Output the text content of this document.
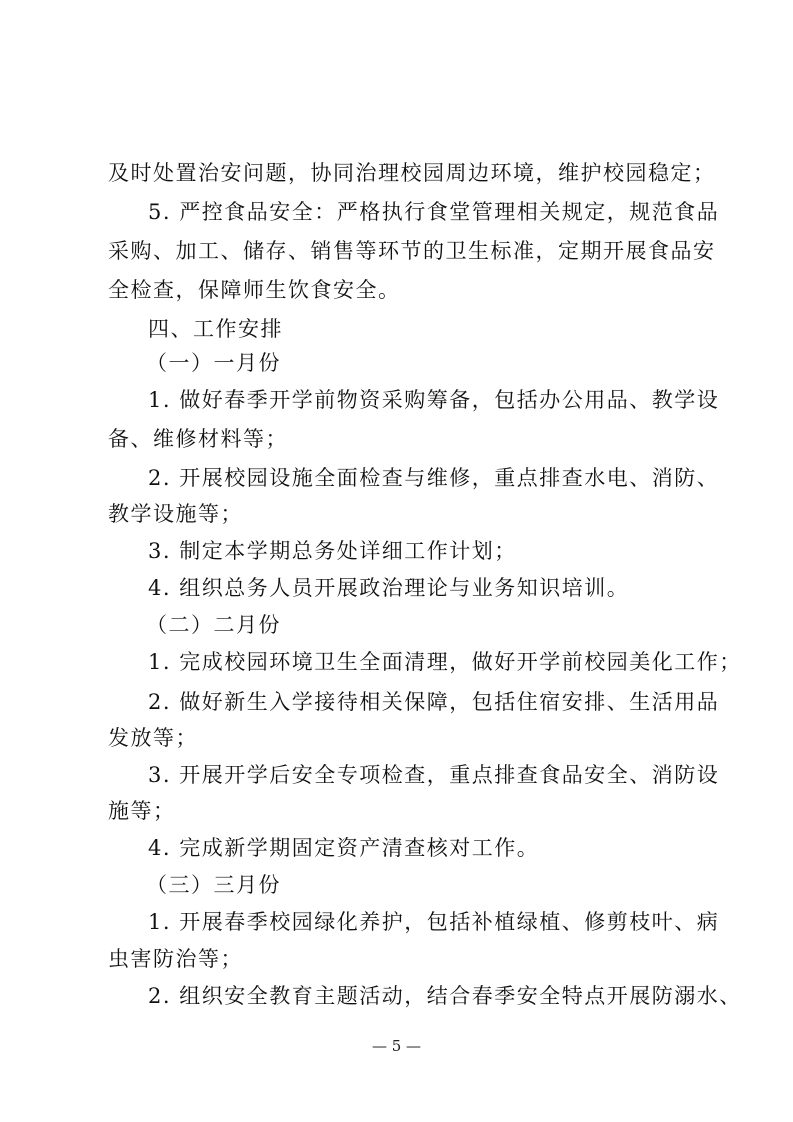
及时处置治安问题，协同治理校园周边环境，维护校园稳定；
5. 严控食品安全：严格执行食堂管理相关规定，规范食品
采购、加工、储存、销售等环节的卫生标准，定期开展食品安
全检查，保障师生饮食安全。
四、工作安排
（一）一月份
1. 做好春季开学前物资采购筹备，包括办公用品、教学设
备、维修材料等；
2. 开展校园设施全面检查与维修，重点排查水电、消防、
教学设施等；
3. 制定本学期总务处详细工作计划；
4. 组织总务人员开展政治理论与业务知识培训。
（二）二月份
1. 完成校园环境卫生全面清理，做好开学前校园美化工作；
2. 做好新生入学接待相关保障，包括住宿安排、生活用品
发放等；
3. 开展开学后安全专项检查，重点排查食品安全、消防设
施等；
4. 完成新学期固定资产清查核对工作。
（三）三月份
1. 开展春季校园绿化养护，包括补植绿植、修剪枝叶、病
虫害防治等；
2. 组织安全教育主题活动，结合春季安全特点开展防溺水、
— 5 —
